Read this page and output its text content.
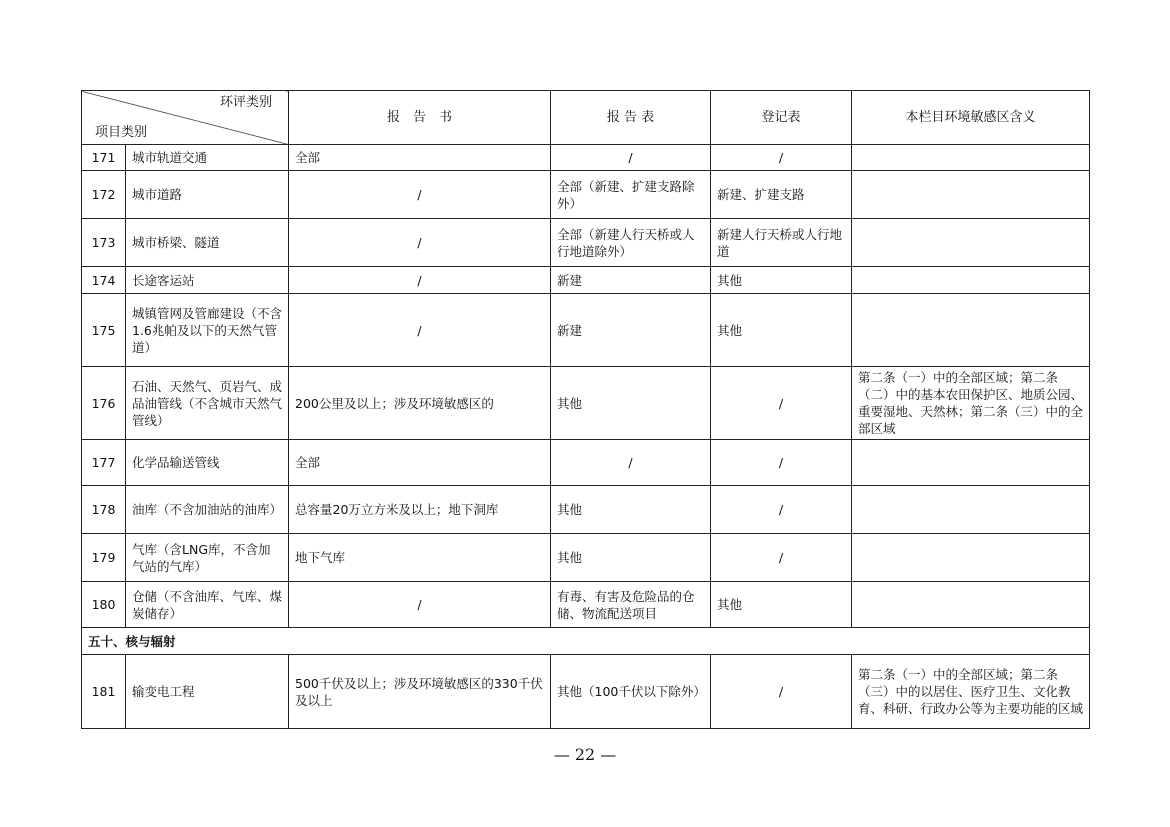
环评类别
项目类别		报　告　书	报 告 表	登记表	本栏目环境敏感区含义
171	城市轨道交通	全部	/	/	
172	城市道路	/	全部（新建、扩建支路除外）	新建、扩建支路	
173	城市桥梁、隧道	/	全部（新建人行天桥或人行地道除外）	新建人行天桥或人行地道	
174	长途客运站	/	新建	其他	
175	城镇管网及管廊建设（不含1.6兆帕及以下的天然气管道）	/	新建	其他	
176	石油、天然气、页岩气、成品油管线（不含城市天然气管线）	200公里及以上；涉及环境敏感区的	其他	/	第二条（一）中的全部区域；第二条（二）中的基本农田保护区、地质公园、重要湿地、天然林；第二条（三）中的全部区域
177	化学品输送管线	全部	/	/	
178	油库（不含加油站的油库）	总容量20万立方米及以上；地下洞库	其他	/	
179	气库（含LNG库，不含加气站的气库）	地下气库	其他	/	
180	仓储（不含油库、气库、煤炭储存）	/	有毒、有害及危险品的仓储、物流配送项目	其他	
五十、核与辐射					
181	输变电工程	500千伏及以上；涉及环境敏感区的330千伏及以上	其他（100千伏以下除外）	/	第二条（一）中的全部区域；第二条（三）中的以居住、医疗卫生、文化教育、科研、行政办公等为主要功能的区域
— 22 —
